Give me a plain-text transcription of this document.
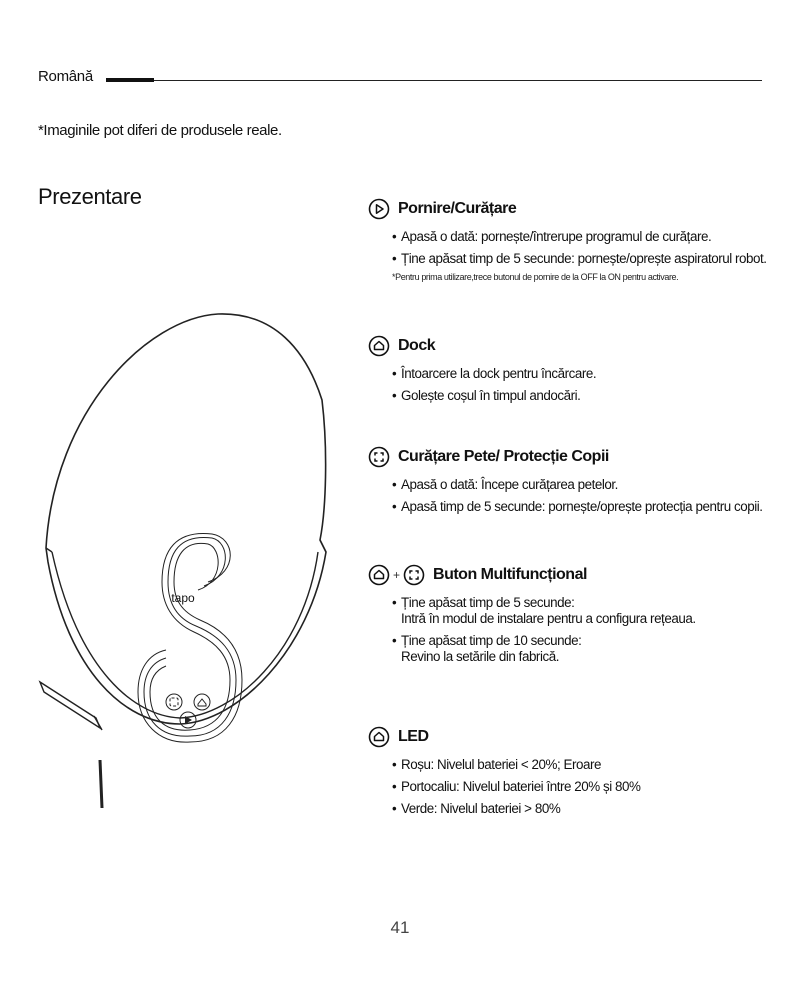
Română
*Imaginile pot diferi de produsele reale.
Prezentare
tapo
Pornire/Curățare
• Apasă o dată: pornește/întrerupe programul de curățare.
• Ține apăsat timp de 5 secunde: pornește/oprește aspiratorul robot.
*Pentru prima utilizare,trece butonul de pornire de la OFF la ON pentru activare.
Dock
• Întoarcere la dock pentru încărcare.
• Golește coșul în timpul andocări.
Curățare Pete/ Protecție Copii
• Apasă o dată: Începe curățarea petelor.
• Apasă timp de 5 secunde: pornește/oprește protecția pentru copii.
+ Buton Multifuncțional
• Ține apăsat timp de 5 secunde:
Intră în modul de instalare pentru a configura rețeaua.
• Ține apăsat timp de 10 secunde:
Revino la setările din fabrică.
LED
• Roșu: Nivelul bateriei < 20%; Eroare
• Portocaliu: Nivelul bateriei între 20% și 80%
• Verde: Nivelul bateriei > 80%
41
